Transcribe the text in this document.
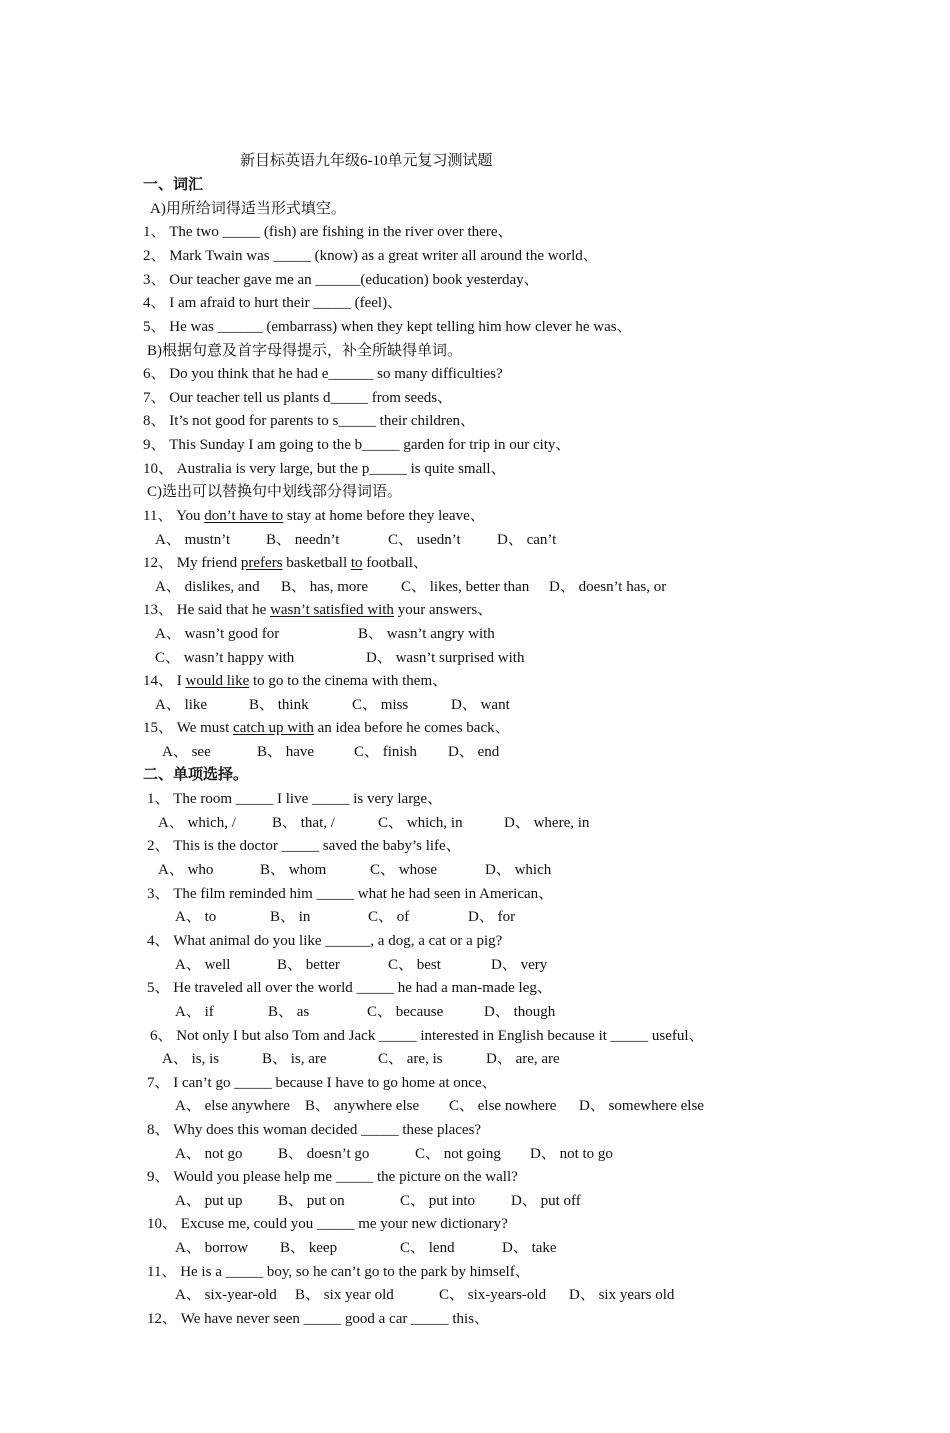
新目标英语九年级6-10单元复习测试题
一、词汇
A)用所给词得适当形式填空。
1、 The two _____ (fish) are fishing in the river over there、
2、 Mark Twain was _____ (know) as a great writer all around the world、
3、 Our teacher gave me an ______(education) book yesterday、
4、 I am afraid to hurt their _____ (feel)、
5、 He was ______ (embarrass) when they kept telling him how clever he was、
B)根据句意及首字母得提示，补全所缺得单词。
6、 Do you think that he had e______ so many difficulties?
7、 Our teacher tell us plants d_____ from seeds、
8、 It’s not good for parents to s_____ their children、
9、 This Sunday I am going to the b_____ garden for trip in our city、
10、 Australia is very large, but the p_____ is quite small、
C)选出可以替换句中划线部分得词语。
11、 You don’t have to stay at home before they leave、
A、 mustn’t B、 needn’t	C、 usedn’t D、 can’t
12、 My friend prefers basketball to football、
A、 dislikes, and B、 has, more C、 likes, better than D、 doesn’t has, or
13、 He said that he wasn’t satisfied with your answers、
A、 wasn’t good for	B、 wasn’t angry with
C、 wasn’t happy with	D、 wasn’t surprised with
14、 I would like to go to the cinema with them、
A、 like	B、 think	C、 miss	D、 want
15、 We must catch up with an idea before he comes back、
A、 see	B、 have	C、 finish D、 end
二、单项选择。
1、 The room _____ I live _____ is very large、
A、 which, / B、 that, /	C、 which, in	D、 where, in
2、 This is the doctor _____ saved the baby’s life、
A、 who	B、 whom	C、 whose	D、 which
3、 The film reminded him _____ what he had seen in American、
A、 to	B、 in	C、 of	D、 for
4、 What animal do you like ______, a dog, a cat or a pig?
A、 well	B、 better	C、 best	D、 very
5、 He traveled all over the world _____ he had a man-made leg、
A、 if	B、 as	C、 because	D、 though
6、 Not only I but also Tom and Jack _____ interested in English because it _____ useful、
A、 is, is	B、 is, are	C、 are, is	D、 are, are
7、 I can’t go _____ because I have to go home at once、
A、 else anywhere B、 anywhere else C、 else nowhere D、 somewhere else
8、 Why does this woman decided _____ these places?
A、 not go B、 doesn’t go	C、 not going D、 not to go
9、 Would you please help me _____ the picture on the wall?
A、 put up B、 put on	C、 put into D、 put off
10、 Excuse me, could you _____ me your new dictionary?
A、 borrow B、 keep	C、 lend	D、 take
11、 He is a _____ boy, so he can’t go to the park by himself、
A、 six-year-old B、 six year old	C、 six-years-old D、 six years old
12、 We have never seen _____ good a car _____ this、
